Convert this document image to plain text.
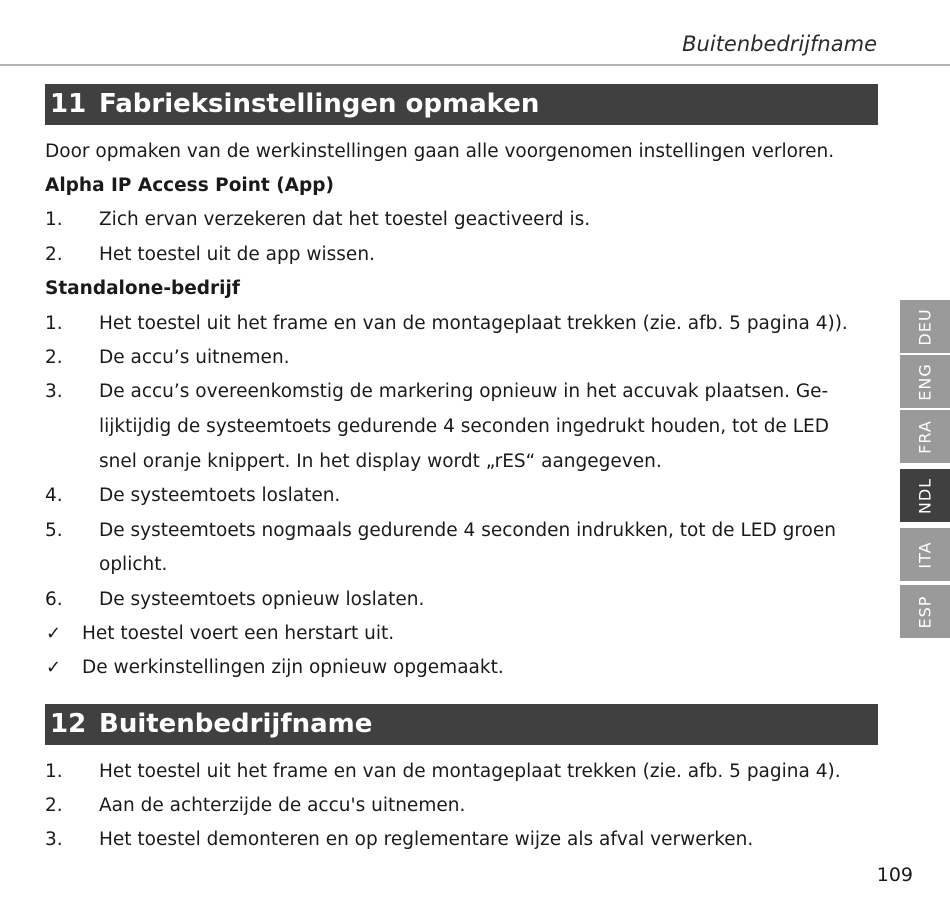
Buitenbedrijfname
11 Fabrieksinstellingen opmaken
Door opmaken van de werkinstellingen gaan alle voorgenomen instellingen verloren.
Alpha IP Access Point (App)
1. Zich ervan verzekeren dat het toestel geactiveerd is.
2. Het toestel uit de app wissen.
Standalone-bedrijf
1. Het toestel uit het frame en van de montageplaat trekken (zie. afb. 5 pagina 4)).
2. De accu’s uitnemen.
3. De accu’s overeenkomstig de markering opnieuw in het accuvak plaatsen. Ge-
lijktijdig de systeemtoets gedurende 4 seconden ingedrukt houden, tot de LED
snel oranje knippert. In het display wordt „rES“ aangegeven.
4. De systeemtoets loslaten.
5. De systeemtoets nogmaals gedurende 4 seconden indrukken, tot de LED groen
oplicht.
6. De systeemtoets opnieuw loslaten.
✓ Het toestel voert een herstart uit.
✓ De werkinstellingen zijn opnieuw opgemaakt.
12 Buitenbedrijfname
1. Het toestel uit het frame en van de montageplaat trekken (zie. afb. 5 pagina 4).
2. Aan de achterzijde de accu's uitnemen.
3. Het toestel demonteren en op reglementare wijze als afval verwerken.
DEU
ENG
FRA
NDL
ITA
ESP
109
